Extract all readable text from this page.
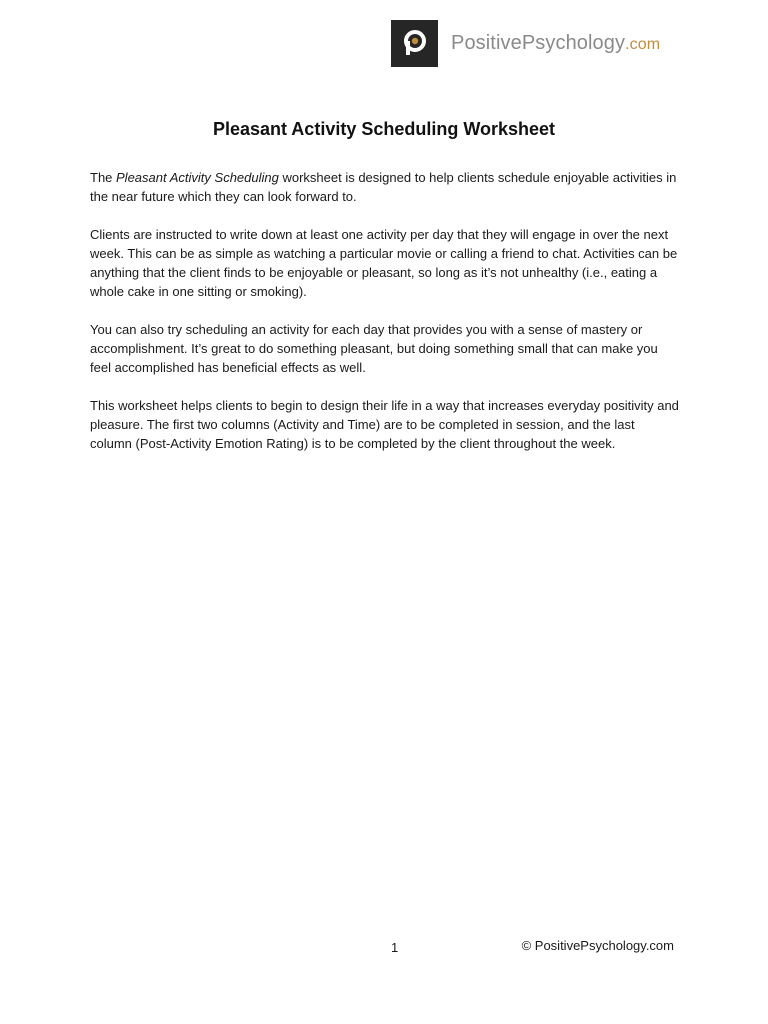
PositivePsychology.com
Pleasant Activity Scheduling Worksheet

The Pleasant Activity Scheduling worksheet is designed to help clients schedule enjoyable activities in the near future which they can look forward to.

Clients are instructed to write down at least one activity per day that they will engage in over the next week. This can be as simple as watching a particular movie or calling a friend to chat. Activities can be anything that the client finds to be enjoyable or pleasant, so long as it’s not unhealthy (i.e., eating a whole cake in one sitting or smoking).

You can also try scheduling an activity for each day that provides you with a sense of mastery or accomplishment. It’s great to do something pleasant, but doing something small that can make you feel accomplished has beneficial effects as well.

This worksheet helps clients to begin to design their life in a way that increases everyday positivity and pleasure. The first two columns (Activity and Time) are to be completed in session, and the last column (Post-Activity Emotion Rating) is to be completed by the client throughout the week.

1	© PositivePsychology.com
